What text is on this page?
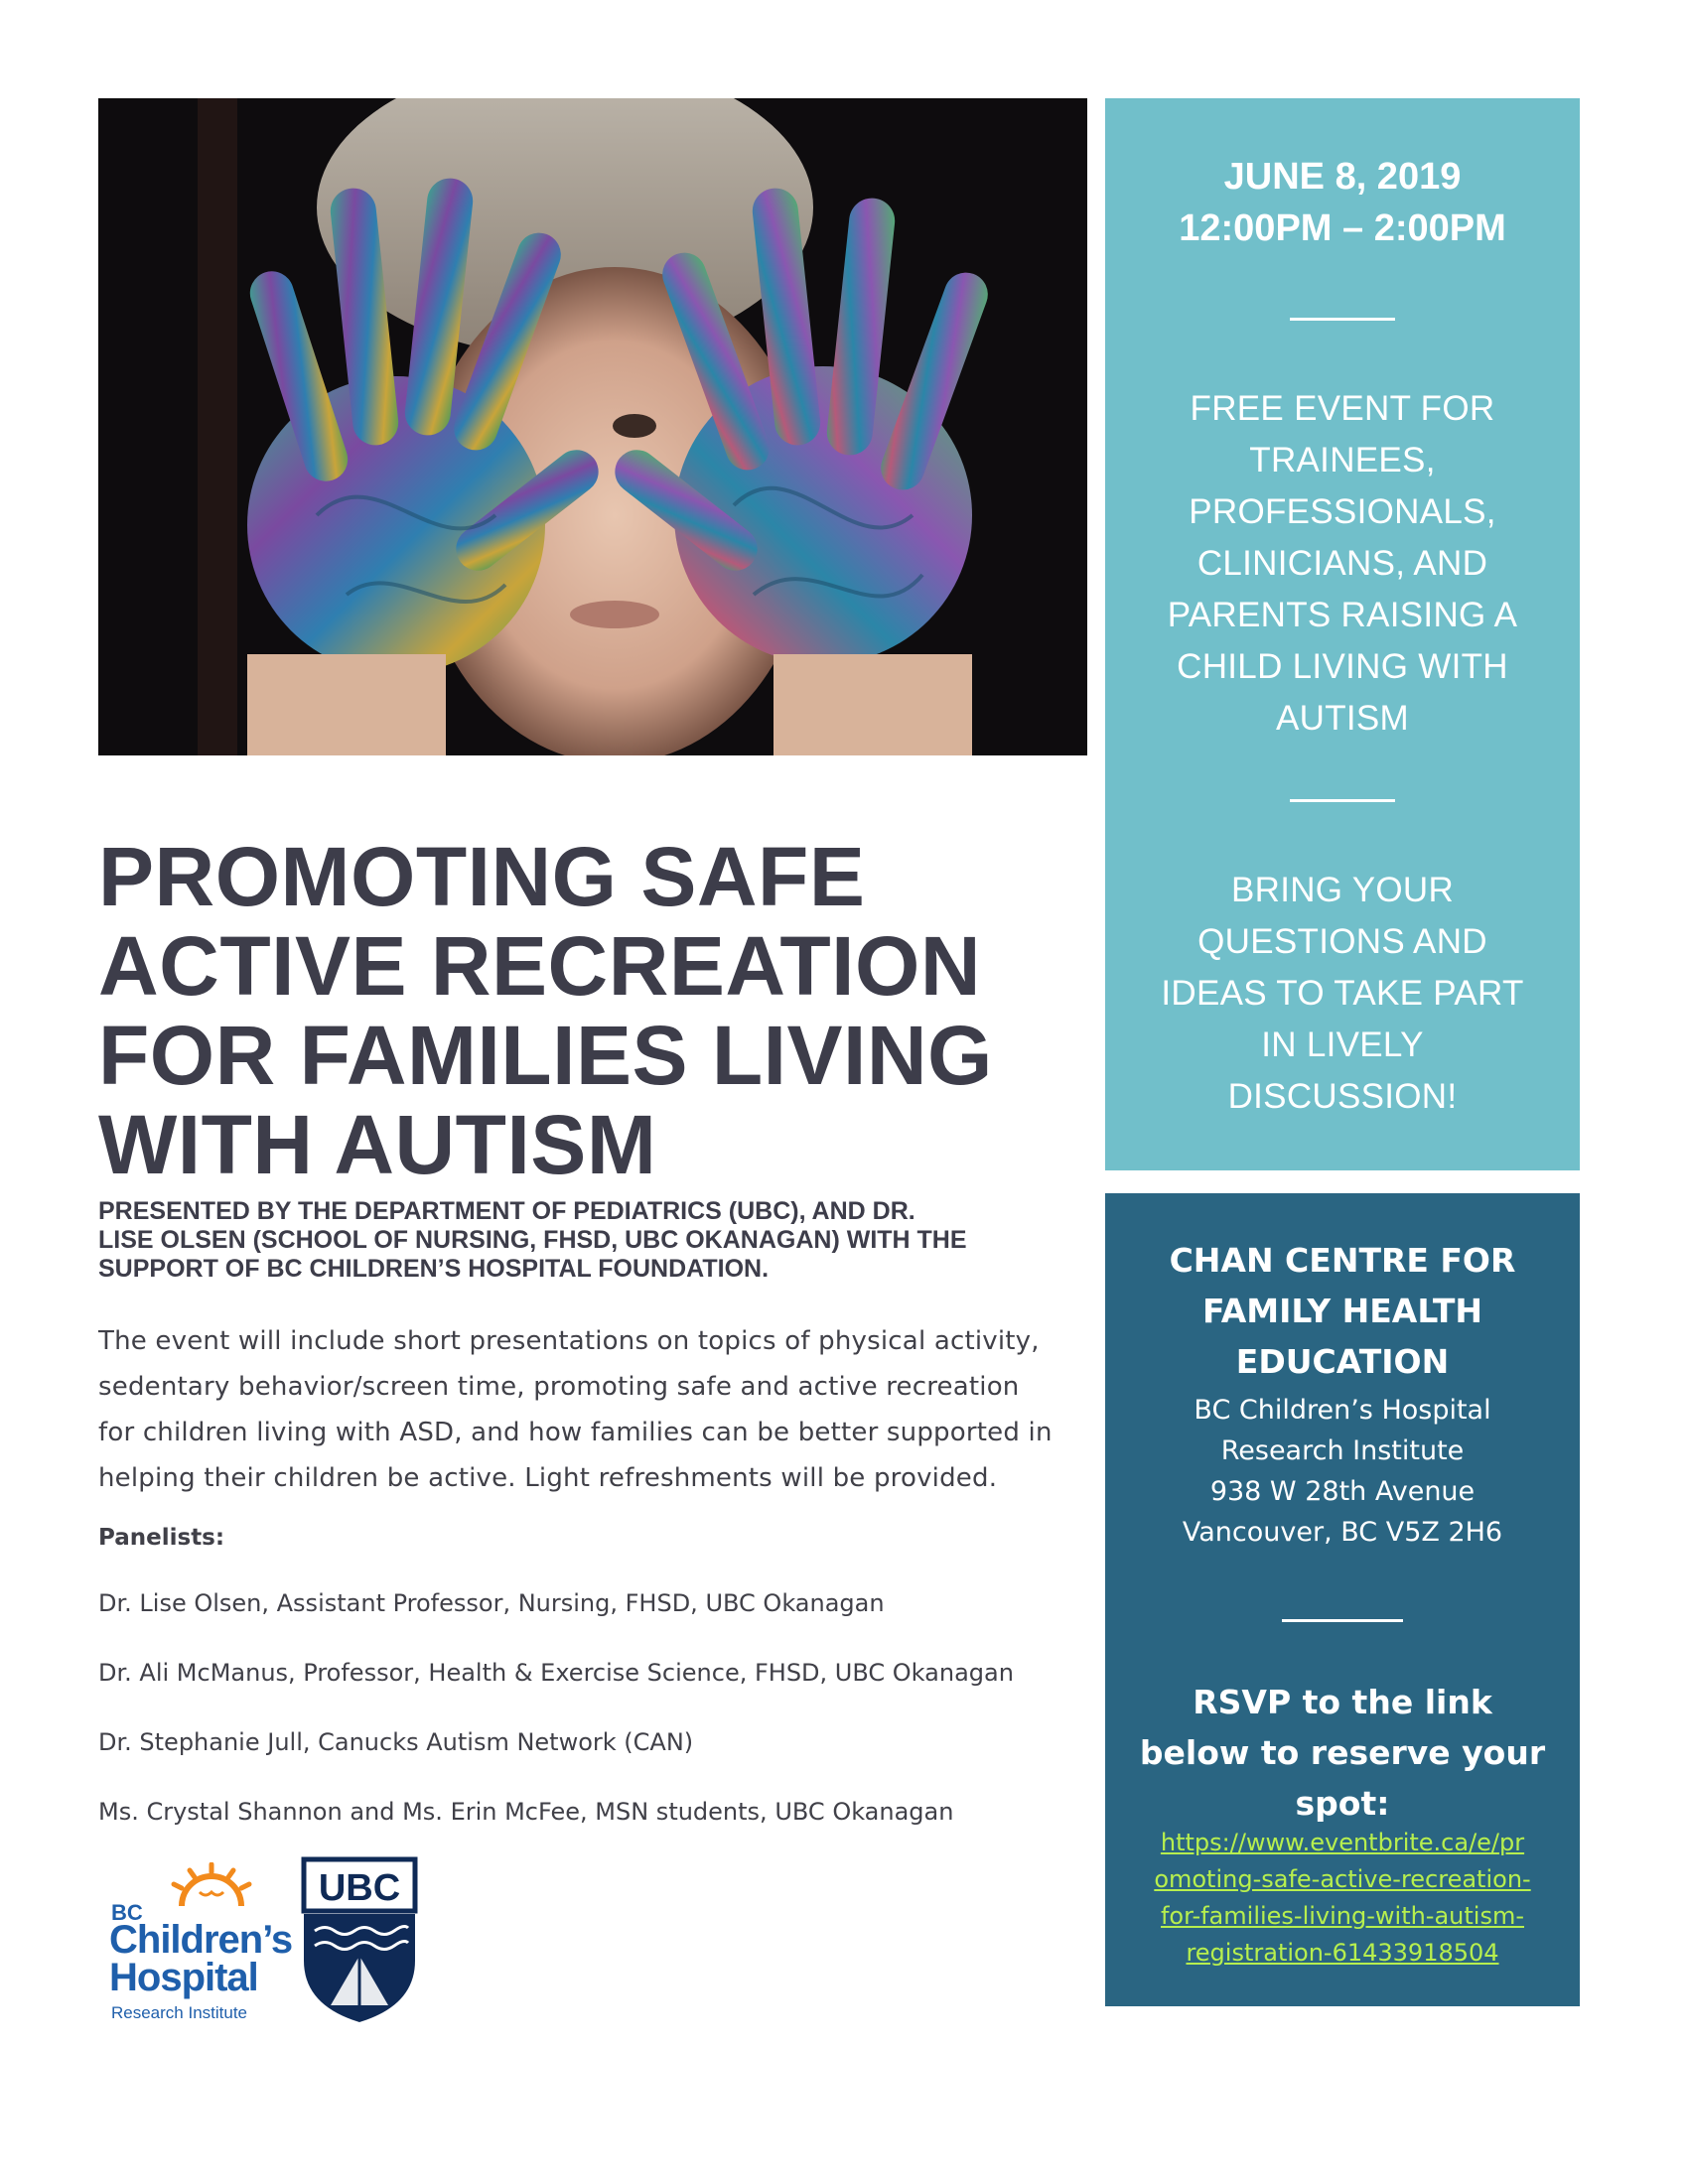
PROMOTING SAFE
ACTIVE RECREATION
FOR FAMILIES LIVING
WITH AUTISM
PRESENTED BY THE DEPARTMENT OF PEDIATRICS (UBC), AND DR.
LISE OLSEN (SCHOOL OF NURSING, FHSD, UBC OKANAGAN) WITH THE
SUPPORT OF BC CHILDREN’S HOSPITAL FOUNDATION.
The event will include short presentations on topics of physical activity,
sedentary behavior/screen time, promoting safe and active recreation
for children living with ASD, and how families can be better supported in
helping their children be active. Light refreshments will be provided.
Panelists:
Dr. Lise Olsen, Assistant Professor, Nursing, FHSD, UBC Okanagan
Dr. Ali McManus, Professor, Health & Exercise Science, FHSD, UBC Okanagan
Dr. Stephanie Jull, Canucks Autism Network (CAN)
Ms. Crystal Shannon and Ms. Erin McFee, MSN students, UBC Okanagan
BC
Children’s
Hospital
Research Institute
UBC
JUNE 8, 2019
12:00PM – 2:00PM
FREE EVENT FOR
TRAINEES,
PROFESSIONALS,
CLINICIANS, AND
PARENTS RAISING A
CHILD LIVING WITH
AUTISM
BRING YOUR
QUESTIONS AND
IDEAS TO TAKE PART
IN LIVELY
DISCUSSION!
CHAN CENTRE FOR
FAMILY HEALTH
EDUCATION
BC Children’s Hospital
Research Institute
938 W 28th Avenue
Vancouver, BC V5Z 2H6
RSVP to the link
below to reserve your
spot:
https://www.eventbrite.ca/e/pr
omoting-safe-active-recreation-
for-families-living-with-autism-
registration-61433918504
